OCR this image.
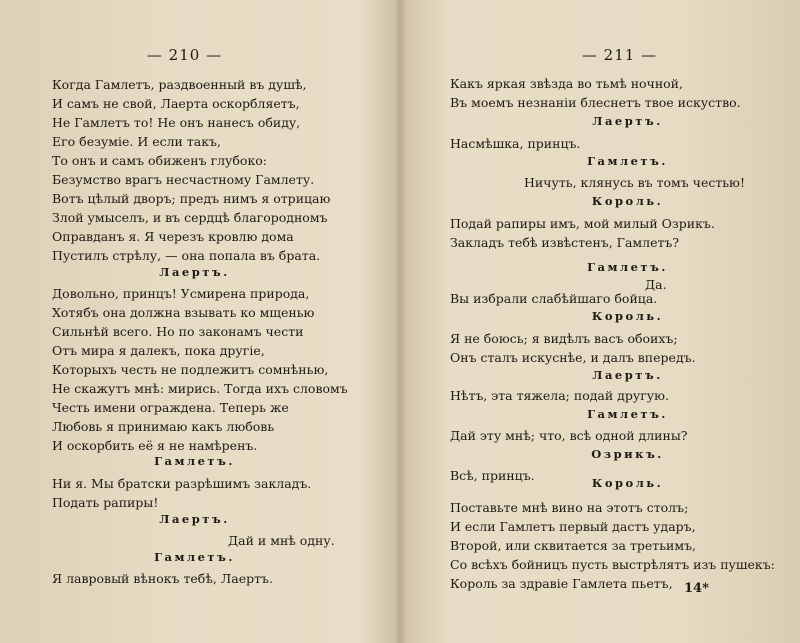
— 210 —
Когда Гамлетъ, раздвоенный въ душѣ,
И самъ не свой, Лаерта оскорбляетъ,
Не Гамлетъ то! Не онъ нанесъ обиду,
Его безуміе. И если такъ,
То онъ и самъ обиженъ глубоко:
Безумство врагъ несчастному Гамлету.
Вотъ цѣлый дворъ; предъ нимъ я отрицаю
Злой умыселъ, и въ сердцѣ благородномъ
Оправданъ я. Я черезъ кровлю дома
Пустилъ стрѣлу, — она попала въ брата.
Лаертъ.
Довольно, принцъ! Усмирена природа,
Хотябъ она должна взывать ко мщенью
Сильнѣй всего. Но по законамъ чести
Отъ мира я далекъ, пока другіе,
Которыхъ честь не подлежитъ сомнѣнью,
Не скажутъ мнѣ: мирись. Тогда ихъ словомъ
Честь имени ограждена. Теперь же
Любовь я принимаю какъ любовь
И оскорбить её я не намѣренъ.
Гамлетъ.
Ни я. Мы братски разрѣшимъ закладъ.
Подать рапиры!
Лаертъ.
Дай и мнѣ одну.
Гамлетъ.
Я лавровый вѣнокъ тебѣ, Лаертъ.
— 211 —
Какъ яркая звѣзда во тьмѣ ночной,
Въ моемъ незнаніи блеснетъ твое искуство.
Лаертъ.
Насмѣшка, принцъ.
Гамлетъ.
Ничуть, клянусь въ томъ честью!
Король.
Подай рапиры имъ, мой милый Озрикъ.
Закладъ тебѣ извѣстенъ, Гамлетъ?
Гамлетъ.
Да.
Вы избрали слабѣйшаго бойца.
Король.
Я не боюсь; я видѣлъ васъ обоихъ;
Онъ сталъ искуснѣе, и далъ впередъ.
Лаертъ.
Нѣтъ, эта тяжела; подай другую.
Гамлетъ.
Дай эту мнѣ; что, всѣ одной длины?
Озрикъ.
Всѣ, принцъ.	Король.
Поставьте мнѣ вино на этотъ столъ;
И если Гамлетъ первый дастъ ударъ,
Второй, или сквитается за третьимъ,
Со всѣхъ бойницъ пусть выстрѣлятъ изъ пушекъ:
Король за здравіе Гамлета пьетъ, 14*
